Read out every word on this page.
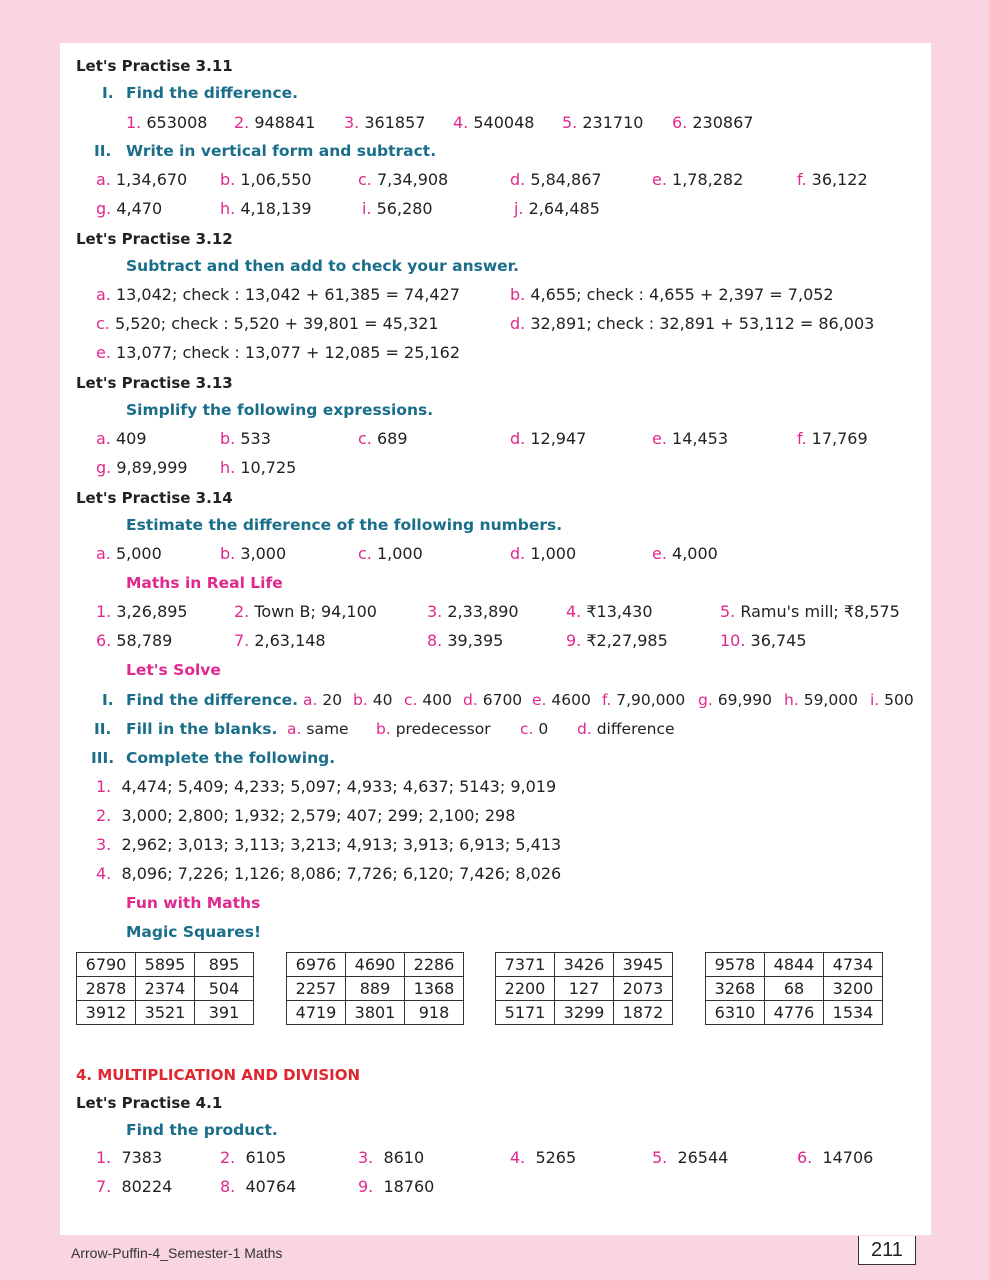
Let's Practise 3.11
I. Find the difference.
1. 653008 2. 948841 3. 361857 4. 540048 5. 231710 6. 230867
II. Write in vertical form and subtract.
a. 1,34,670 b. 1,06,550	c. 7,34,908	d. 5,84,867	e. 1,78,282	f. 36,122
g. 4,470	h. 4,18,139	i. 56,280	j. 2,64,485
Let's Practise 3.12
Subtract and then add to check your answer.
a. 13,042; check : 13,042 + 61,385 = 74,427	b. 4,655; check : 4,655 + 2,397 = 7,052
c. 5,520; check : 5,520 + 39,801 = 45,321	d. 32,891; check : 32,891 + 53,112 = 86,003
e. 13,077; check : 13,077 + 12,085 = 25,162
Let's Practise 3.13
Simplify the following expressions.
a. 409	b. 533	c. 689	d. 12,947	e. 14,453	f. 17,769
g. 9,89,999 h. 10,725
Let's Practise 3.14
Estimate the difference of the following numbers.
a. 5,000	b. 3,000	c. 1,000	d. 1,000	e. 4,000
Maths in Real Life
1. 3,26,895	2. Town B; 94,100	3. 2,33,890	4. ₹13,430	5. Ramu's mill; ₹8,575
6. 58,789	7. 2,63,148	8. 39,395	9. ₹2,27,985	10. 36,745
Let's Solve
I. Find the difference. a. 20 b. 40 c. 400 d. 6700 e. 4600 f. 7,90,000 g. 69,990 h. 59,000 i. 500
II. Fill in the blanks. a. same b. predecessor c. 0 d. difference
III. Complete the following.
1. 4,474; 5,409; 4,233; 5,097; 4,933; 4,637; 5143; 9,019
2. 3,000; 2,800; 1,932; 2,579; 407; 299; 2,100; 298
3. 2,962; 3,013; 3,113; 3,213; 4,913; 3,913; 6,913; 5,413
4. 8,096; 7,226; 1,126; 8,086; 7,726; 6,120; 7,426; 8,026
Fun with Maths
Magic Squares!
6790	5895	895
2878	2374	504
3912	3521	391
6976	4690	2286
2257	889	1368
4719	3801	918
7371	3426	3945
2200	127	2073
5171	3299	1872
9578	4844	4734
3268	68	3200
6310	4776	1534
4. MULTIPLICATION AND DIVISION
Let's Practise 4.1
Find the product.
1. 7383	2. 6105	3. 8610	4. 5265	5. 26544	6. 14706
7. 80224	8. 40764	9. 18760
Arrow-Puffin-4_Semester-1 Maths	211
